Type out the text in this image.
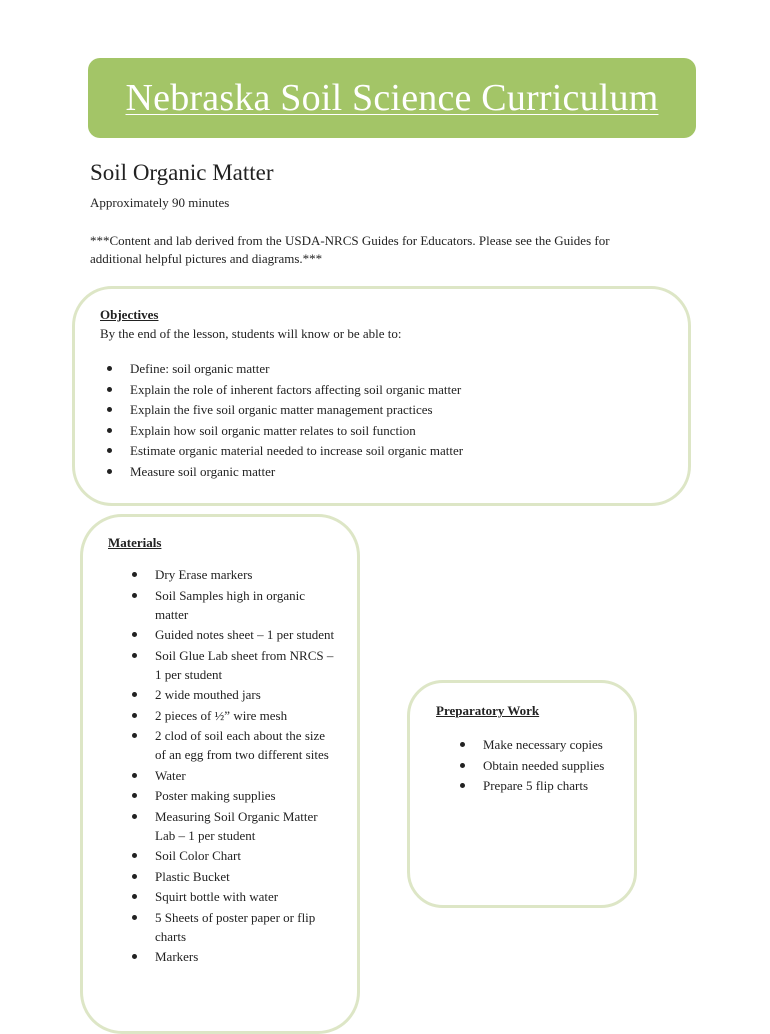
Nebraska Soil Science Curriculum
Soil Organic Matter
Approximately 90 minutes
***Content and lab derived from the USDA-NRCS Guides for Educators. Please see the Guides for additional helpful pictures and diagrams.***
Objectives
By the end of the lesson, students will know or be able to:
Define: soil organic matter
Explain the role of inherent factors affecting soil organic matter
Explain the five soil organic matter management practices
Explain how soil organic matter relates to soil function
Estimate organic material needed to increase soil organic matter
Measure soil organic matter
Materials
Dry Erase markers
Soil Samples high in organic matter
Guided notes sheet – 1 per student
Soil Glue Lab sheet from NRCS – 1 per student
2 wide mouthed jars
2 pieces of ½” wire mesh
2 clod of soil each about the size of an egg from two different sites
Water
Poster making supplies
Measuring Soil Organic Matter Lab – 1 per student
Soil Color Chart
Plastic Bucket
Squirt bottle with water
5 Sheets of poster paper or flip charts
Markers
Preparatory Work
Make necessary copies
Obtain needed supplies
Prepare 5 flip charts
